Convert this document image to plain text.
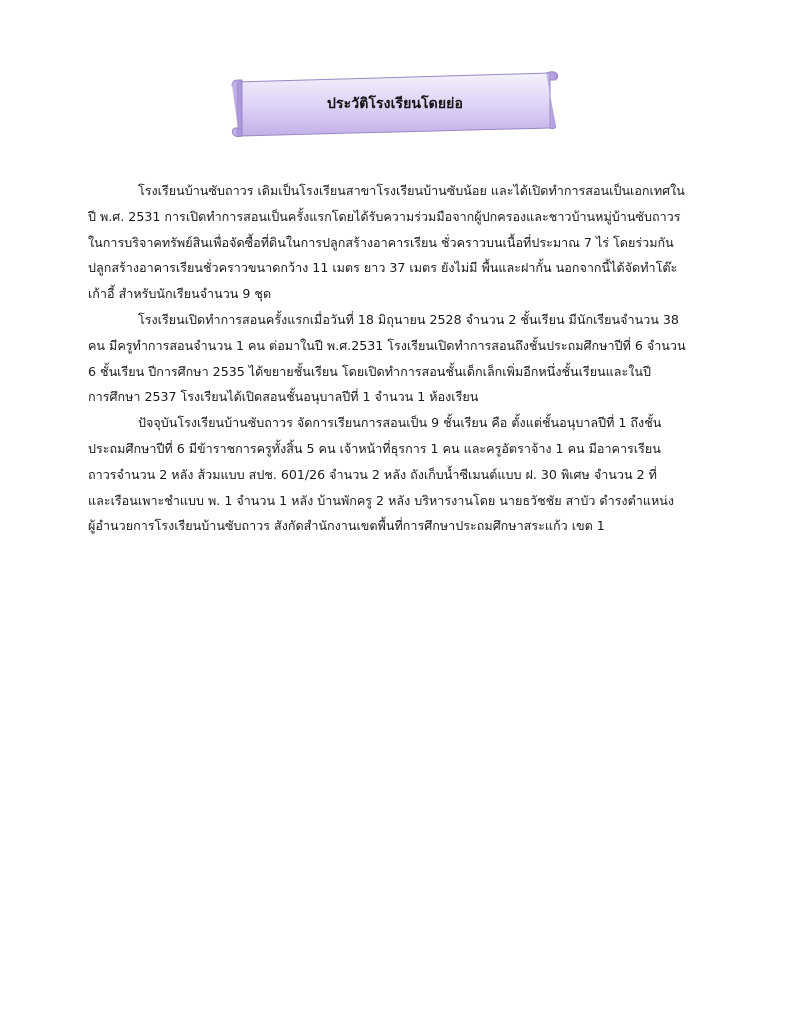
ประวัติโรงเรียนโดยย่อ

โรงเรียนบ้านซับถาวร เดิมเป็นโรงเรียนสาขาโรงเรียนบ้านซับน้อย และได้เปิดทำการสอนเป็นเอกเทศใน
ปี พ.ศ. 2531 การเปิดทำการสอนเป็นครั้งแรกโดยได้รับความร่วมมือจากผู้ปกครองและชาวบ้านหมู่บ้านซับถาวร
ในการบริจาคทรัพย์สินเพื่อจัดซื้อที่ดินในการปลูกสร้างอาคารเรียน ชั่วคราวบนเนื้อที่ประมาณ 7 ไร่ โดยร่วมกัน
ปลูกสร้างอาคารเรียนชั่วคราวขนาดกว้าง 11 เมตร ยาว 37 เมตร ยังไม่มี พื้นและฝากั้น นอกจากนี้ได้จัดทำโต๊ะ
เก้าอี้ สำหรับนักเรียนจำนวน 9 ชุด

โรงเรียนเปิดทำการสอนครั้งแรกเมื่อวันที่ 18 มิถุนายน 2528 จำนวน 2 ชั้นเรียน มีนักเรียนจำนวน 38
คน มีครูทำการสอนจำนวน 1 คน ต่อมาในปี พ.ศ.2531 โรงเรียนเปิดทำการสอนถึงชั้นประถมศึกษาปีที่ 6 จำนวน
6 ชั้นเรียน ปีการศึกษา 2535 ได้ขยายชั้นเรียน โดยเปิดทำการสอนชั้นเด็กเล็กเพิ่มอีกหนึ่งชั้นเรียนและในปี
การศึกษา 2537 โรงเรียนได้เปิดสอนชั้นอนุบาลปีที่ 1 จำนวน 1 ห้องเรียน

ปัจจุบันโรงเรียนบ้านซับถาวร จัดการเรียนการสอนเป็น 9 ชั้นเรียน คือ ตั้งแต่ชั้นอนุบาลปีที่ 1 ถึงชั้น
ประถมศึกษาปีที่ 6 มีข้าราชการครูทั้งสิ้น 5 คน เจ้าหน้าที่ธุรการ 1 คน และครูอัตราจ้าง 1 คน มีอาคารเรียน
ถาวรจำนวน 2 หลัง ส้วมแบบ สปช. 601/26 จำนวน 2 หลัง ถังเก็บน้ำซีเมนต์แบบ ฝ. 30 พิเศษ จำนวน 2 ที่
และเรือนเพาะชำแบบ พ. 1 จำนวน 1 หลัง บ้านพักครู 2 หลัง บริหารงานโดย นายธวัชชัย สาบัว ดำรงตำแหน่ง
ผู้อำนวยการโรงเรียนบ้านซับถาวร สังกัดสำนักงานเขตพื้นที่การศึกษาประถมศึกษาสระแก้ว เขต 1
